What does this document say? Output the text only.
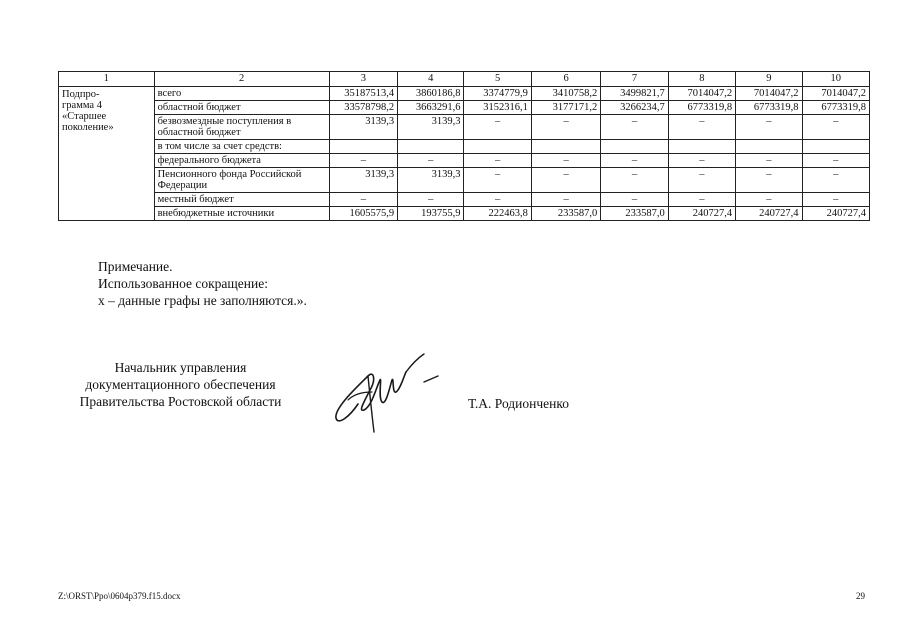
1	2	3	4	5	6	7	8	9	10

Подпро-
грамма 4
«Старшее
поколение»	всего	35187513,4	3860186,8	3374779,9	3410758,2	3499821,7	7014047,2	7014047,2	7014047,2
	областной бюджет	33578798,2	3663291,6	3152316,1	3177171,2	3266234,7	6773319,8	6773319,8	6773319,8
	безвозмездные поступления в областной бюджет	3139,3	3139,3	–	–	–	–	–	–
	в том числе за счет средств:								
	федерального бюджета	–	–	–	–	–	–	–	–
	Пенсионного фонда Российской Федерации	3139,3	3139,3	–	–	–	–	–	–
	местный бюджет	–	–	–	–	–	–	–	–
	внебюджетные источники	1605575,9	193755,9	222463,8	233587,0	233587,0	240727,4	240727,4	240727,4
Примечание.
Использованное сокращение:
х – данные графы не заполняются.».
Начальник управления
документационного обеспечения
Правительства Ростовской области	Т.А. Родионченко
Z:\ORST\Ppo\0604p379.f15.docx	29
